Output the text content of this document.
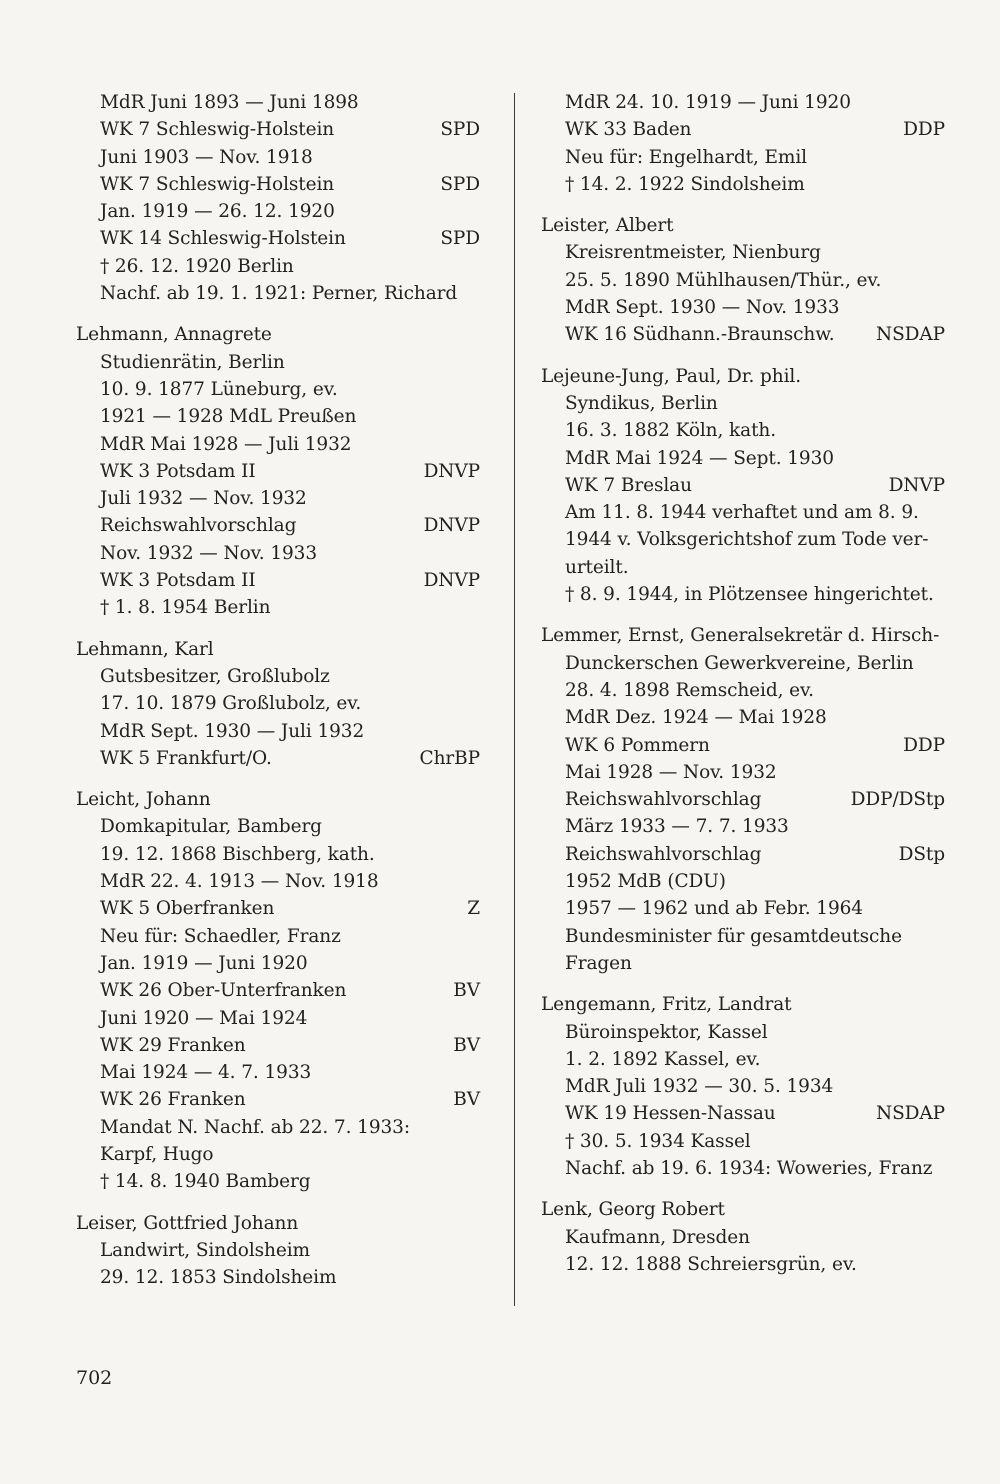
MdR Juni 1893 — Juni 1898
WK 7 Schleswig-Holstein	SPD
Juni 1903 — Nov. 1918
WK 7 Schleswig-Holstein	SPD
Jan. 1919 — 26. 12. 1920
WK 14 Schleswig-Holstein	SPD
† 26. 12. 1920 Berlin
Nachf. ab 19. 1. 1921: Perner, Richard
Lehmann, Annagrete
Studienrätin, Berlin
10. 9. 1877 Lüneburg, ev.
1921 — 1928 MdL Preußen
MdR Mai 1928 — Juli 1932
WK 3 Potsdam II	DNVP
Juli 1932 — Nov. 1932
Reichswahlvorschlag	DNVP
Nov. 1932 — Nov. 1933
WK 3 Potsdam II	DNVP
† 1. 8. 1954 Berlin
Lehmann, Karl
Gutsbesitzer, Großlubolz
17. 10. 1879 Großlubolz, ev.
MdR Sept. 1930 — Juli 1932
WK 5 Frankfurt/O.	ChrBP
Leicht, Johann
Domkapitular, Bamberg
19. 12. 1868 Bischberg, kath.
MdR 22. 4. 1913 — Nov. 1918
WK 5 Oberfranken	Z
Neu für: Schaedler, Franz
Jan. 1919 — Juni 1920
WK 26 Ober-Unterfranken	BV
Juni 1920 — Mai 1924
WK 29 Franken	BV
Mai 1924 — 4. 7. 1933
WK 26 Franken	BV
Mandat N. Nachf. ab 22. 7. 1933:
Karpf, Hugo
† 14. 8. 1940 Bamberg
Leiser, Gottfried Johann
Landwirt, Sindolsheim
29. 12. 1853 Sindolsheim
MdR 24. 10. 1919 — Juni 1920
WK 33 Baden	DDP
Neu für: Engelhardt, Emil
† 14. 2. 1922 Sindolsheim
Leister, Albert
Kreisrentmeister, Nienburg
25. 5. 1890 Mühlhausen/Thür., ev.
MdR Sept. 1930 — Nov. 1933
WK 16 Südhann.-Braunschw. NSDAP
Lejeune-Jung, Paul, Dr. phil.
Syndikus, Berlin
16. 3. 1882 Köln, kath.
MdR Mai 1924 — Sept. 1930
WK 7 Breslau	DNVP
Am 11. 8. 1944 verhaftet und am 8. 9.
1944 v. Volksgerichtshof zum Tode ver-
urteilt.
† 8. 9. 1944, in Plötzensee hingerichtet.
Lemmer, Ernst, Generalsekretär d. Hirsch-
Dunckerschen Gewerkvereine, Berlin
28. 4. 1898 Remscheid, ev.
MdR Dez. 1924 — Mai 1928
WK 6 Pommern	DDP
Mai 1928 — Nov. 1932
Reichswahlvorschlag	DDP/DStp
März 1933 — 7. 7. 1933
Reichswahlvorschlag	DStp
1952 MdB (CDU)
1957 — 1962 und ab Febr. 1964
Bundesminister für gesamtdeutsche
Fragen
Lengemann, Fritz, Landrat
Büroinspektor, Kassel
1. 2. 1892 Kassel, ev.
MdR Juli 1932 — 30. 5. 1934
WK 19 Hessen-Nassau	NSDAP
† 30. 5. 1934 Kassel
Nachf. ab 19. 6. 1934: Woweries, Franz
Lenk, Georg Robert
Kaufmann, Dresden
12. 12. 1888 Schreiersgrün, ev.
702
